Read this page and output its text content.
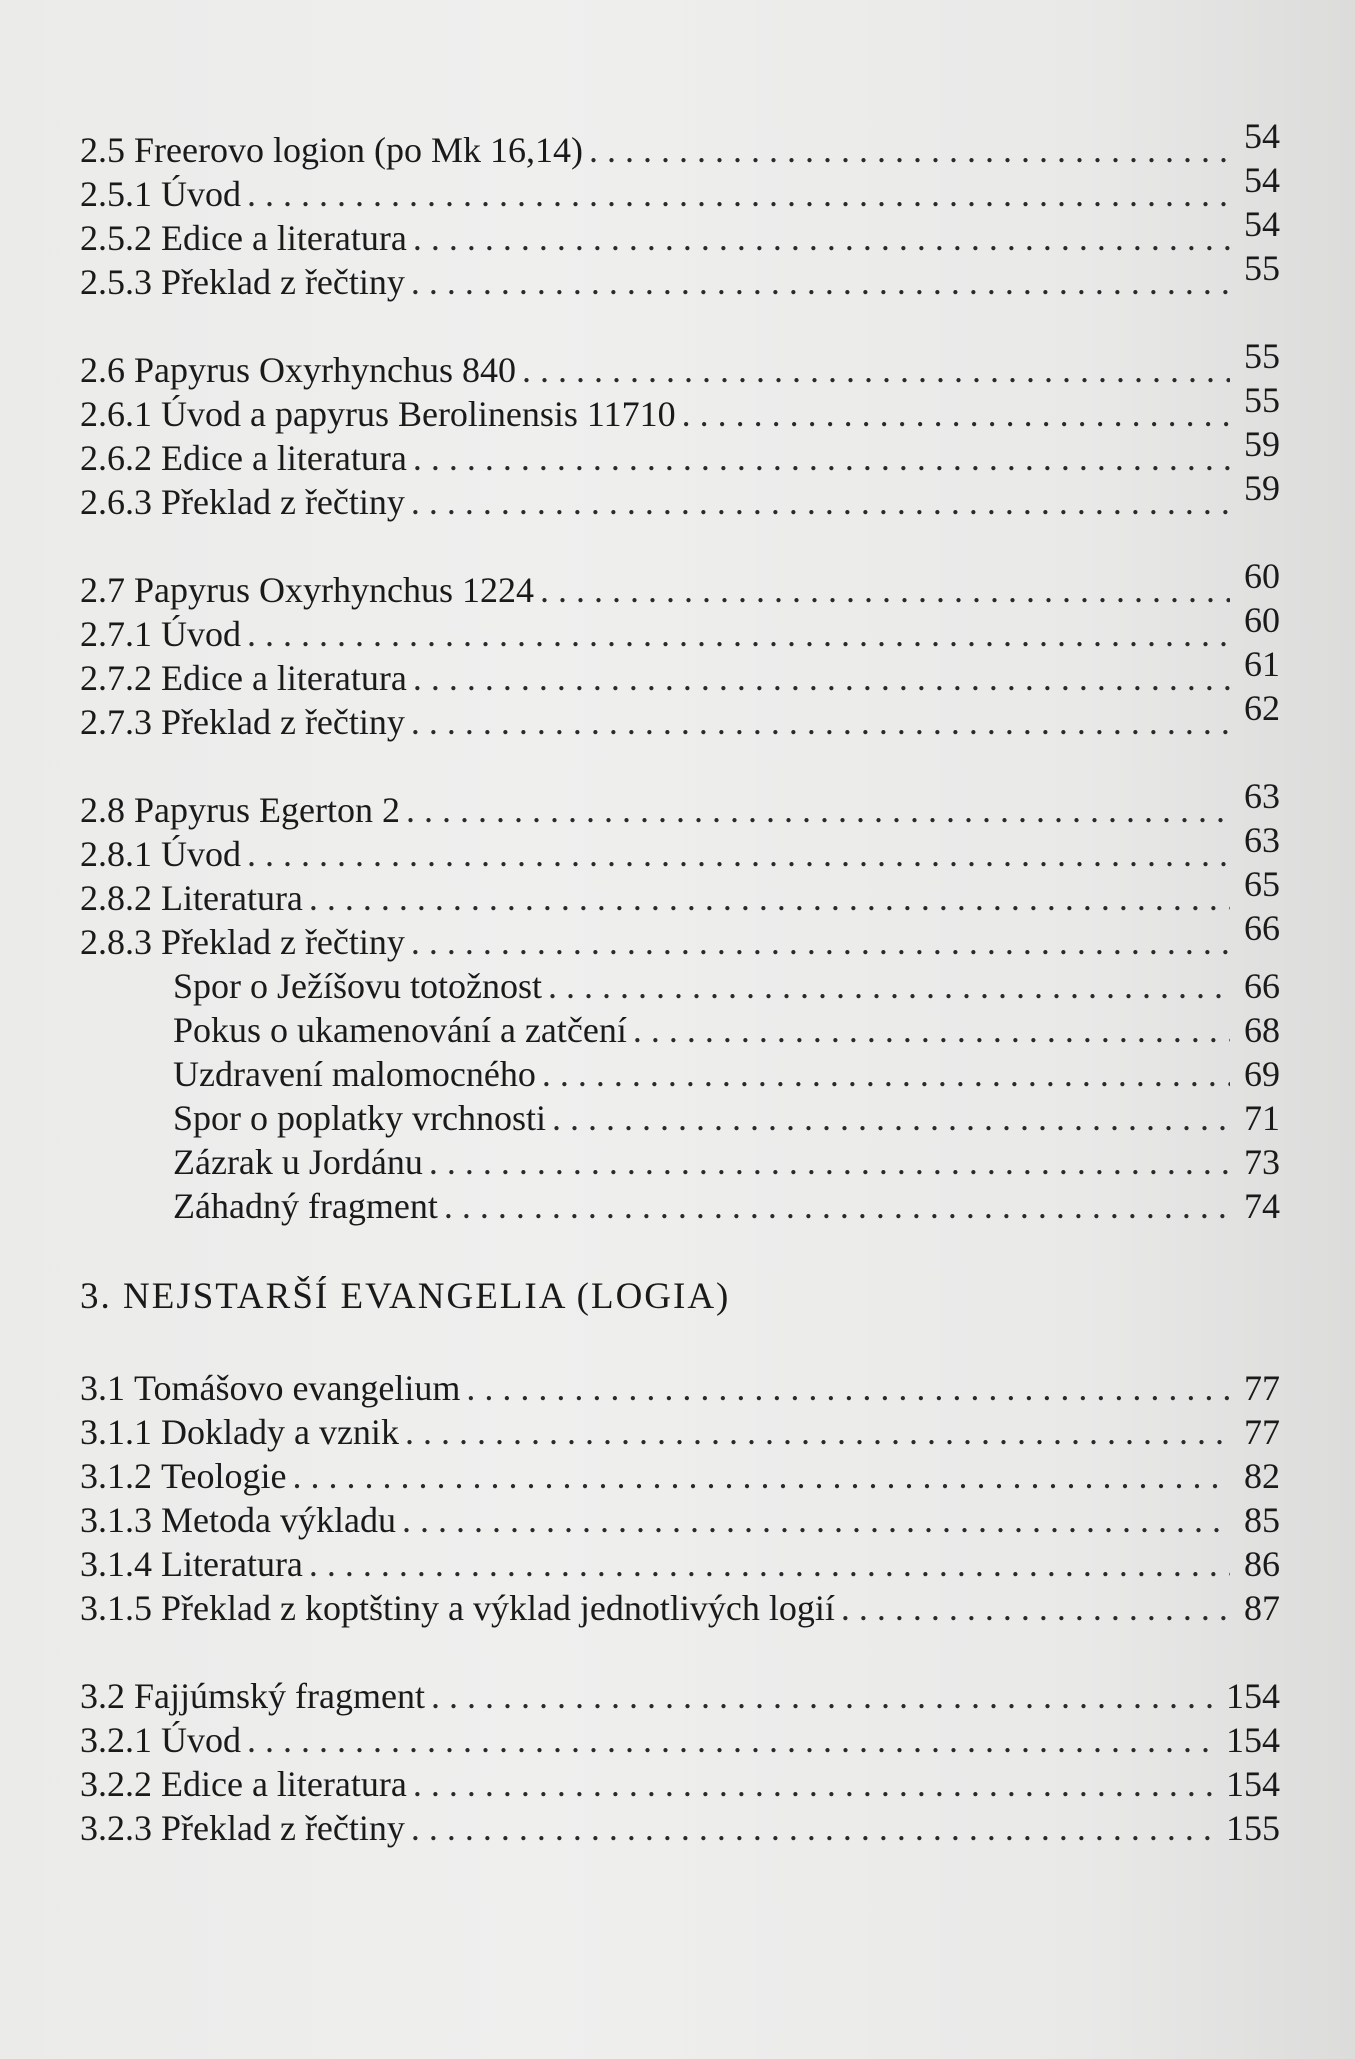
2.5 Freerovo logion (po Mk 16,14) . . .	54
2.5.1 Úvod . . .	54
2.5.2 Edice a literatura . . .	54
2.5.3 Překlad z řečtiny . . .	55
2.6 Papyrus Oxyrhynchus 840 . . .	55
2.6.1 Úvod a papyrus Berolinensis 11710 . . .	55
2.6.2 Edice a literatura . . .	59
2.6.3 Překlad z řečtiny . . .	59
2.7 Papyrus Oxyrhynchus 1224 . . .	60
2.7.1 Úvod . . .	60
2.7.2 Edice a literatura . . .	61
2.7.3 Překlad z řečtiny . . .	62
2.8 Papyrus Egerton 2 . . .	63
2.8.1 Úvod . . .	63
2.8.2 Literatura . . .	65
2.8.3 Překlad z řečtiny . . .	66
Spor o Ježíšovu totožnost . . .	66
Pokus o ukamenování a zatčení . . .	68
Uzdravení malomocného . . .	69
Spor o poplatky vrchnosti . . .	71
Zázrak u Jordánu . . .	73
Záhadný fragment . . .	74
3. NEJSTARŠÍ EVANGELIA (LOGIA)
3.1 Tomášovo evangelium . . .	77
3.1.1 Doklady a vznik . . .	77
3.1.2 Teologie . . .	82
3.1.3 Metoda výkladu . . .	85
3.1.4 Literatura . . .	86
3.1.5 Překlad z koptštiny a výklad jednotlivých logií . . .	87
3.2 Fajjúmský fragment . . .	154
3.2.1 Úvod . . .	154
3.2.2 Edice a literatura . . .	154
3.2.3 Překlad z řečtiny . . .	155
